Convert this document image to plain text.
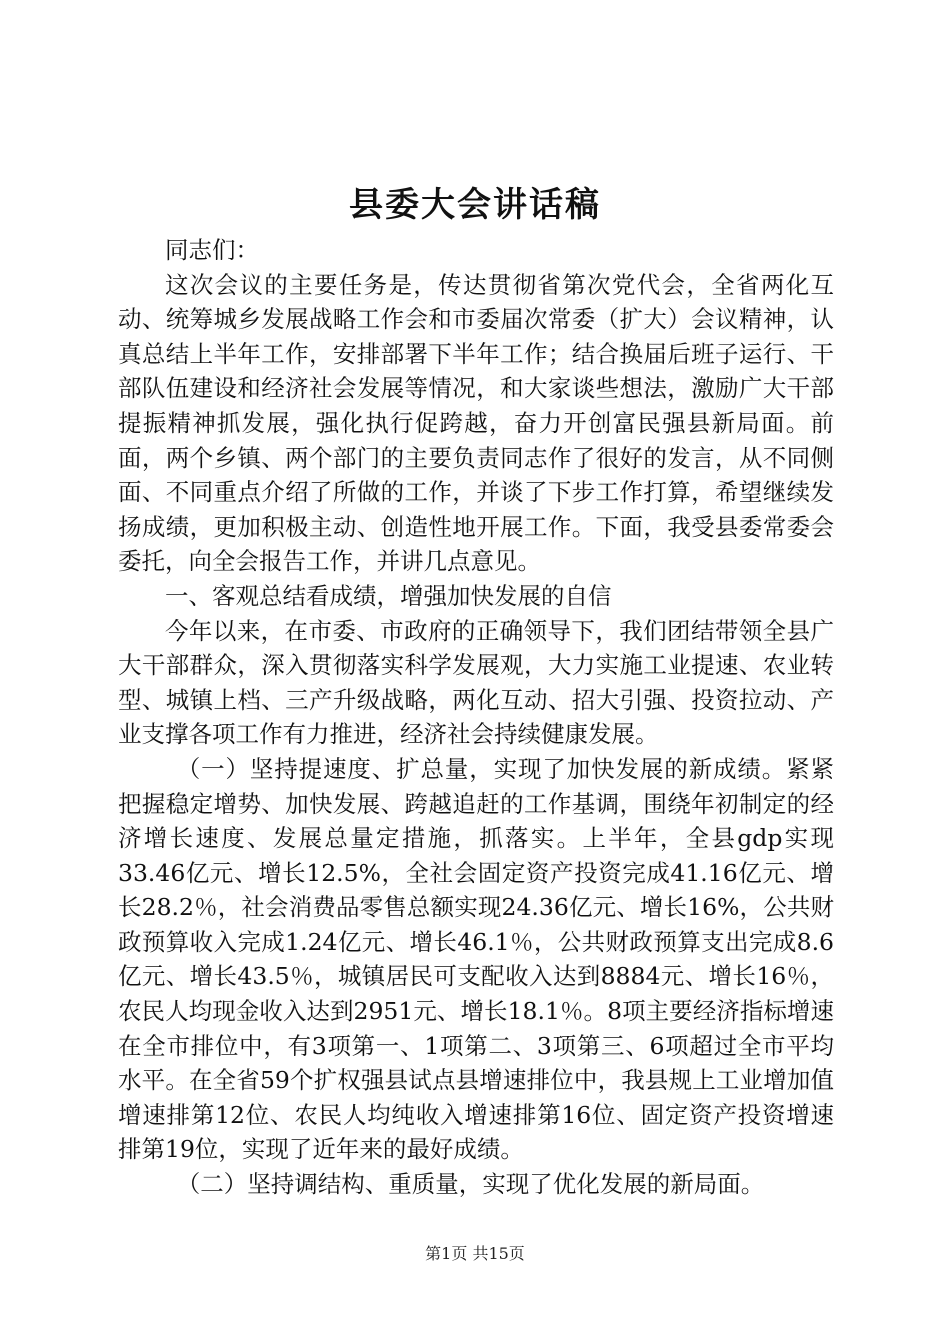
县委大会讲话稿

同志们：

这次会议的主要任务是，传达贯彻省第次党代会，全省两化互动、统筹城乡发展战略工作会和市委届次常委（扩大）会议精神，认真总结上半年工作，安排部署下半年工作；结合换届后班子运行、干部队伍建设和经济社会发展等情况，和大家谈些想法，激励广大干部提振精神抓发展，强化执行促跨越，奋力开创富民强县新局面。前面，两个乡镇、两个部门的主要负责同志作了很好的发言，从不同侧面、不同重点介绍了所做的工作，并谈了下步工作打算，希望继续发扬成绩，更加积极主动、创造性地开展工作。下面，我受县委常委会委托，向全会报告工作，并讲几点意见。

一、客观总结看成绩，增强加快发展的自信

今年以来，在市委、市政府的正确领导下，我们团结带领全县广大干部群众，深入贯彻落实科学发展观，大力实施工业提速、农业转型、城镇上档、三产升级战略，两化互动、招大引强、投资拉动、产业支撑各项工作有力推进，经济社会持续健康发展。

（一）坚持提速度、扩总量，实现了加快发展的新成绩。紧紧把握稳定增势、加快发展、跨越追赶的工作基调，围绕年初制定的经济增长速度、发展总量定措施，抓落实。上半年，全县gdp实现33.46亿元、增长12.5%，全社会固定资产投资完成41.16亿元、增长28.2％，社会消费品零售总额实现24.36亿元、增长16%，公共财政预算收入完成1.24亿元、增长46.1％，公共财政预算支出完成8.6亿元、增长43.5％，城镇居民可支配收入达到8884元、增长16％，农民人均现金收入达到2951元、增长18.1％。8项主要经济指标增速在全市排位中，有3项第一、1项第二、3项第三、6项超过全市平均水平。在全省59个扩权强县试点县增速排位中，我县规上工业增加值增速排第12位、农民人均纯收入增速排第16位、固定资产投资增速排第19位，实现了近年来的最好成绩。

（二）坚持调结构、重质量，实现了优化发展的新局面。

第1页 共15页
